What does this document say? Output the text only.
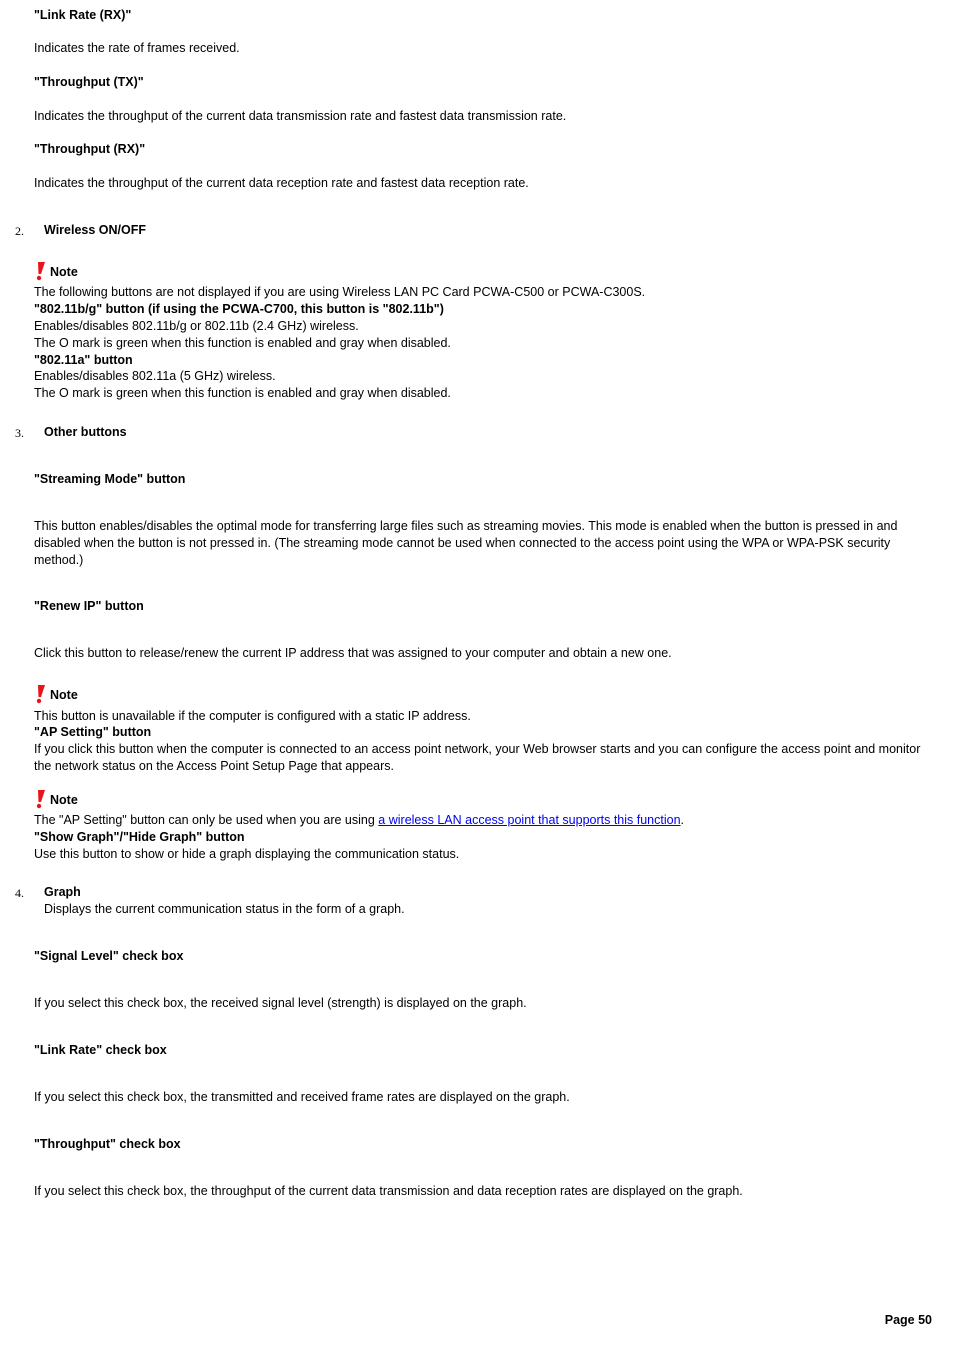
"Link Rate (RX)"
Indicates the rate of frames received.
"Throughput (TX)"
Indicates the throughput of the current data transmission rate and fastest data transmission rate.
"Throughput (RX)"
Indicates the throughput of the current data reception rate and fastest data reception rate.
2. Wireless ON/OFF
Note
The following buttons are not displayed if you are using Wireless LAN PC Card PCWA-C500 or PCWA-C300S.
"802.11b/g" button (if using the PCWA-C700, this button is "802.11b")
Enables/disables 802.11b/g or 802.11b (2.4 GHz) wireless.
The O mark is green when this function is enabled and gray when disabled.
"802.11a" button
Enables/disables 802.11a (5 GHz) wireless.
The O mark is green when this function is enabled and gray when disabled.
3. Other buttons
"Streaming Mode" button
This button enables/disables the optimal mode for transferring large files such as streaming movies. This mode is enabled when the button is pressed in and disabled when the button is not pressed in. (The streaming mode cannot be used when connected to the access point using the WPA or WPA-PSK security method.)
"Renew IP" button
Click this button to release/renew the current IP address that was assigned to your computer and obtain a new one.
Note
This button is unavailable if the computer is configured with a static IP address.
"AP Setting" button
If you click this button when the computer is connected to an access point network, your Web browser starts and you can configure the access point and monitor the network status on the Access Point Setup Page that appears.
Note
The "AP Setting" button can only be used when you are using a wireless LAN access point that supports this function.
"Show Graph"/"Hide Graph" button
Use this button to show or hide a graph displaying the communication status.
4. Graph
Displays the current communication status in the form of a graph.
"Signal Level" check box
If you select this check box, the received signal level (strength) is displayed on the graph.
"Link Rate" check box
If you select this check box, the transmitted and received frame rates are displayed on the graph.
"Throughput" check box
If you select this check box, the throughput of the current data transmission and data reception rates are displayed on the graph.
Page 50
